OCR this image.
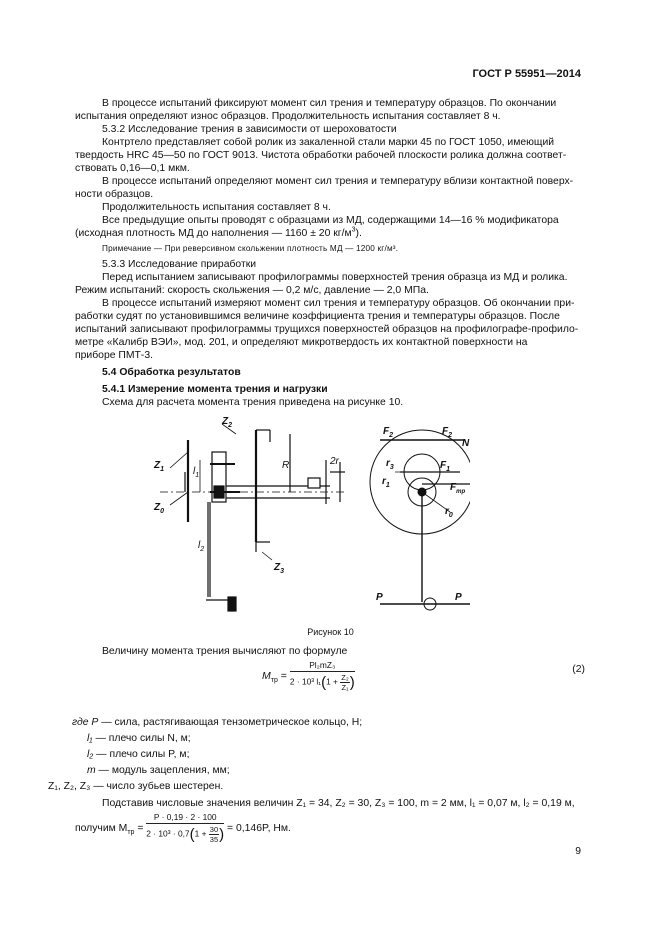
ГОСТ Р 55951—2014
В процессе испытаний фиксируют момент сил трения и температуру образцов. По окончании
испытания определяют износ образцов. Продолжительность испытания составляет 8 ч.
5.3.2 Исследование трения в зависимости от шероховатости
Контртело представляет собой ролик из закаленной стали марки 45 по ГОСТ 1050, имеющий
твердость HRC 45—50 по ГОСТ 9013. Чистота обработки рабочей плоскости ролика должна соответ-
ствовать 0,16—0,1 мкм.
В процессе испытаний определяют момент сил трения и температуру вблизи контактной поверх-
ности образцов.
Продолжительность испытания составляет 8 ч.
Все предыдущие опыты проводят с образцами из МД, содержащими 14—16 % модификатора
(исходная плотность МД до наполнения — 1160 ± 20 $кг/м^3$).
Примечание — При реверсивном скольжении плотность МД — 1200 кг/м³.
5.3.3 Исследование приработки
Перед испытанием записывают профилограммы поверхностей трения образца из МД и ролика.
Режим испытаний: скорость скольжения — 0,2 м/с, давление — 2,0 МПа.
В процессе испытаний измеряют момент сил трения и температуру образцов. Об окончании при-
работки судят по установившимся величине коэффициента трения и температуры образцов. После
испытаний записывают профилограммы трущихся поверхностей образцов на профилографе-профило-
метре «Калибр ВЭИ», мод. 201, и определяют микротвердость их контактной поверхности на
приборе ПМТ-3.
5.4 Обработка результатов
5.4.1 Измерение момента трения и нагрузки
Схема для расчета момента трения приведена на рисунке 10.
$Z_1$
$Z_0$
$Z_2$
$Z_3$
$l_2$
$l_1$
R	2r
$F_2$	$F_2$
N
$r_3$	$F_1$
$r_1$	$F_{тр}$
$r_0$
P	P
Рисунок 10
Величину момента трения вычисляют по формуле
$M_{тр} = \frac{\text{Pl₂mZ₃}}{2 \cdot 10^3 l_1(1 + \frac{\text{Z₂}}{\text{Z₁}} )}$	(2)
где P — сила, растягивающая тензометрическое кольцо, Н;
l₁ — плечо силы N, м;
l₂ — плечо силы P, м;
m — модуль зацепления, мм;
Z₁, Z₂, Z₃ — число зубьев шестерен.
Подставив числовые значения величин Z₁ = 34, Z₂ = 30, Z₃ = 100, m = 2 мм, l₁ = 0,07 м, l₂ = 0,19 м,
получим $M_{тр} = \frac{P \cdot 0,19 \cdot 2 \cdot 100}{2 \cdot 10^3 \cdot 0,7(1 + \frac{30}{35} )} = 0,146P$, Нм.
9
